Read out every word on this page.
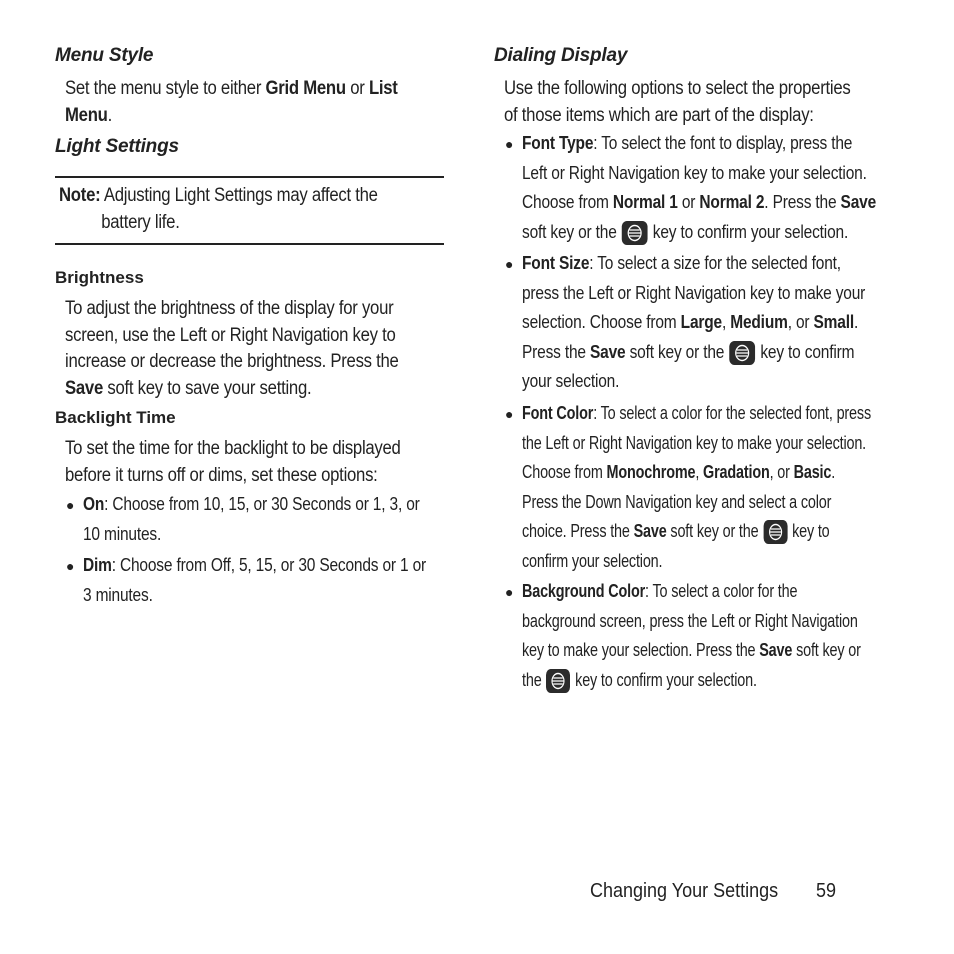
Menu Style
Set the menu style to either Grid Menu or List
Menu.
Light Settings
Note: Adjusting Light Settings may affect the
battery life.
Brightness
To adjust the brightness of the display for your
screen, use the Left or Right Navigation key to
increase or decrease the brightness. Press the
Save soft key to save your setting.
Backlight Time
To set the time for the backlight to be displayed
before it turns off or dims, set these options:
● On: Choose from 10, 15, or 30 Seconds or 1, 3, or
10 minutes.
● Dim: Choose from Off, 5, 15, or 30 Seconds or 1 or
3 minutes.
Dialing Display
Use the following options to select the properties
of those items which are part of the display:
● Font Type: To select the font to display, press the
Left or Right Navigation key to make your selection.
Choose from Normal 1 or Normal 2. Press the Save
soft key or the key to confirm your selection.
● Font Size: To select a size for the selected font,
press the Left or Right Navigation key to make your
selection. Choose from Large, Medium, or Small.
Press the Save soft key or the key to confirm
your selection.
● Font Color: To select a color for the selected font, press
the Left or Right Navigation key to make your selection.
Choose from Monochrome, Gradation, or Basic.
Press the Down Navigation key and select a color
choice. Press the Save soft key or the key to
confirm your selection.
● Background Color: To select a color for the
background screen, press the Left or Right Navigation
key to make your selection. Press the Save soft key or
the key to confirm your selection.
Changing Your Settings 59
